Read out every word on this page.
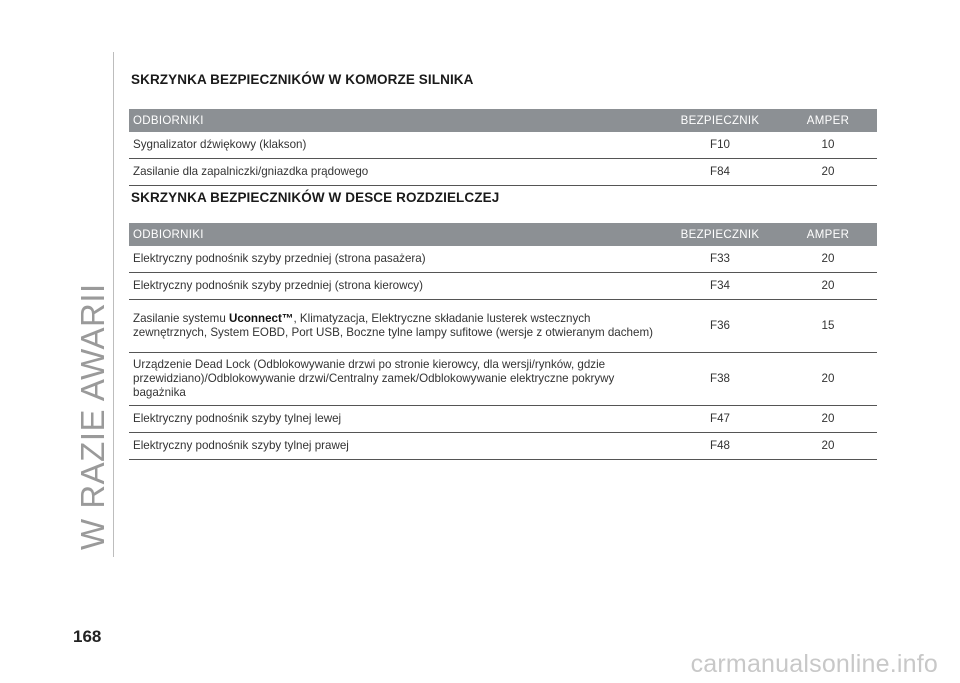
W RAZIE AWARII
SKRZYNKA BEZPIECZNIKÓW W KOMORZE SILNIKA
ODBIORNIKI	BEZPIECZNIK	AMPER
Sygnalizator dźwiękowy (klakson)	F10	10
Zasilanie dla zapalniczki/gniazdka prądowego	F84	20
SKRZYNKA BEZPIECZNIKÓW W DESCE ROZDZIELCZEJ
ODBIORNIKI	BEZPIECZNIK	AMPER
Elektryczny podnośnik szyby przedniej (strona pasażera)	F33	20
Elektryczny podnośnik szyby przedniej (strona kierowcy)	F34	20
Zasilanie systemu Uconnect™, Klimatyzacja, Elektryczne składanie lusterek wstecznych zewnętrznych, System EOBD, Port USB, Boczne tylne lampy sufitowe (wersje z otwieranym dachem)	F36	15
Urządzenie Dead Lock (Odblokowywanie drzwi po stronie kierowcy, dla wersji/rynków, gdzie przewidziano)/Odblokowywanie drzwi/Centralny zamek/Odblokowywanie elektryczne pokrywy bagażnika	F38	20
Elektryczny podnośnik szyby tylnej lewej	F47	20
Elektryczny podnośnik szyby tylnej prawej	F48	20
168
carmanualsonline.info
